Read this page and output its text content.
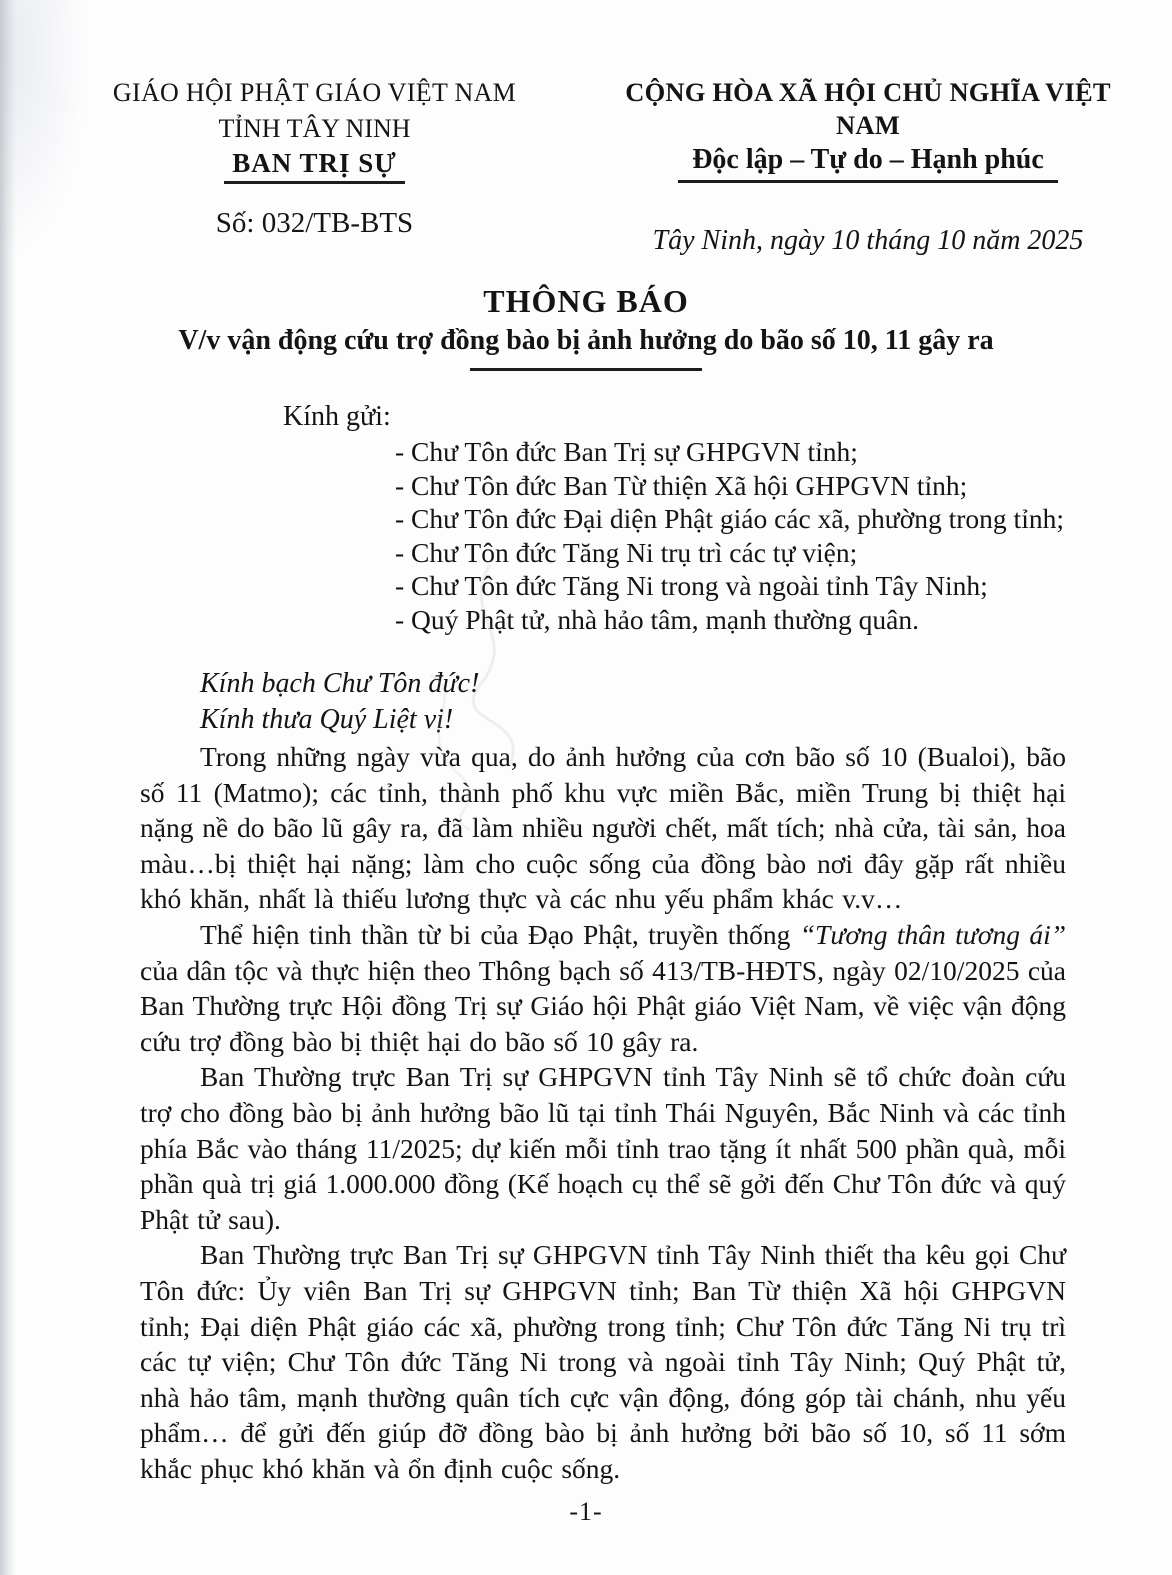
GIÁO HỘI PHẬT GIÁO VIỆT NAM
TỈNH TÂY NINH
BAN TRỊ SỰ
Số: 032/TB-BTS
CỘNG HÒA XÃ HỘI CHỦ NGHĨA VIỆT NAM
Độc lập – Tự do – Hạnh phúc
Tây Ninh, ngày 10 tháng 10 năm 2025
THÔNG BÁO
V/v vận động cứu trợ đồng bào bị ảnh hưởng do bão số 10, 11 gây ra
Kính gửi:
- Chư Tôn đức Ban Trị sự GHPGVN tỉnh;
- Chư Tôn đức Ban Từ thiện Xã hội GHPGVN tỉnh;
- Chư Tôn đức Đại diện Phật giáo các xã, phường trong tỉnh;
- Chư Tôn đức Tăng Ni trụ trì các tự viện;
- Chư Tôn đức Tăng Ni trong và ngoài tỉnh Tây Ninh;
- Quý Phật tử, nhà hảo tâm, mạnh thường quân.
Kính bạch Chư Tôn đức!
Kính thưa Quý Liệt vị!

Trong những ngày vừa qua, do ảnh hưởng của cơn bão số 10 (Bualoi), bão số 11 (Matmo); các tỉnh, thành phố khu vực miền Bắc, miền Trung bị thiệt hại nặng nề do bão lũ gây ra, đã làm nhiều người chết, mất tích; nhà cửa, tài sản, hoa màu…bị thiệt hại nặng; làm cho cuộc sống của đồng bào nơi đây gặp rất nhiều khó khăn, nhất là thiếu lương thực và các nhu yếu phẩm khác v.v…

Thể hiện tinh thần từ bi của Đạo Phật, truyền thống “Tương thân tương ái” của dân tộc và thực hiện theo Thông bạch số 413/TB-HĐTS, ngày 02/10/2025 của Ban Thường trực Hội đồng Trị sự Giáo hội Phật giáo Việt Nam, về việc vận động cứu trợ đồng bào bị thiệt hại do bão số 10 gây ra.

Ban Thường trực Ban Trị sự GHPGVN tỉnh Tây Ninh sẽ tổ chức đoàn cứu trợ cho đồng bào bị ảnh hưởng bão lũ tại tỉnh Thái Nguyên, Bắc Ninh và các tỉnh phía Bắc vào tháng 11/2025; dự kiến mỗi tỉnh trao tặng ít nhất 500 phần quà, mỗi phần quà trị giá 1.000.000 đồng (Kế hoạch cụ thể sẽ gởi đến Chư Tôn đức và quý Phật tử sau).

Ban Thường trực Ban Trị sự GHPGVN tỉnh Tây Ninh thiết tha kêu gọi Chư Tôn đức: Ủy viên Ban Trị sự GHPGVN tỉnh; Ban Từ thiện Xã hội GHPGVN tỉnh; Đại diện Phật giáo các xã, phường trong tỉnh; Chư Tôn đức Tăng Ni trụ trì các tự viện; Chư Tôn đức Tăng Ni trong và ngoài tỉnh Tây Ninh; Quý Phật tử, nhà hảo tâm, mạnh thường quân tích cực vận động, đóng góp tài chánh, nhu yếu phẩm… để gửi đến giúp đỡ đồng bào bị ảnh hưởng bởi bão số 10, số 11 sớm khắc phục khó khăn và ổn định cuộc sống.

-1-
